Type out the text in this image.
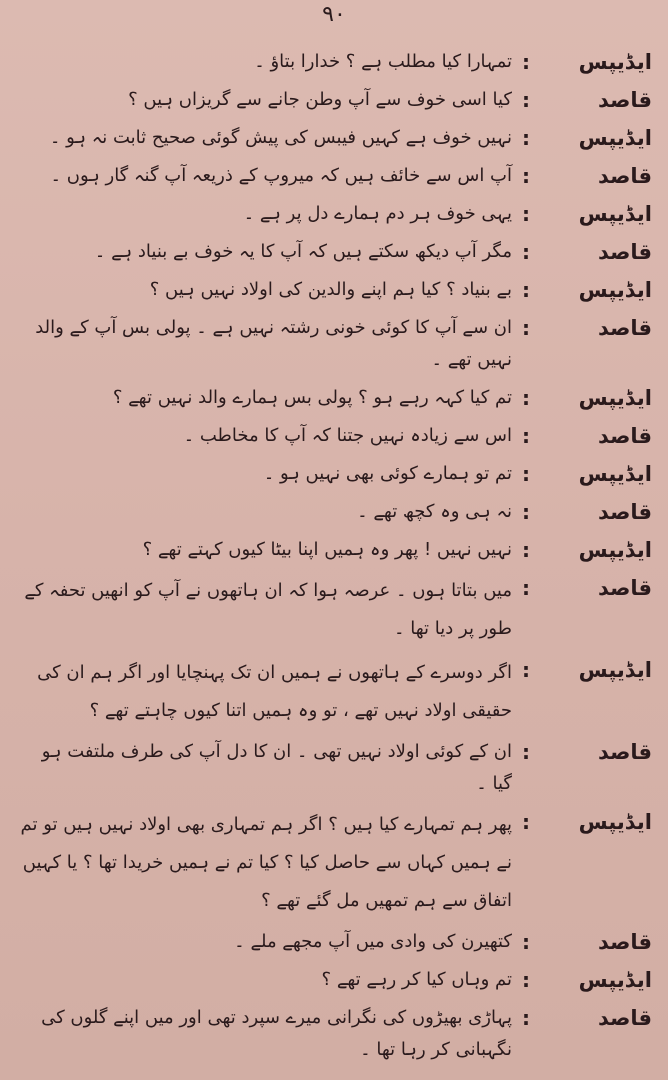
۹۰
ایڈیپس
:
تمہارا کیا مطلب ہے ؟ خدارا بتاؤ ۔
قاصد
:
کیا اسی خوف سے آپ وطن جانے سے گریزاں ہیں ؟
ایڈیپس
:
نہیں خوف ہے کہیں فیبس کی پیش گوئی صحیح ثابت نہ ہو ۔
قاصد
:
آپ اس سے خائف ہیں کہ میروپ کے ذریعہ آپ گنہ گار ہوں ۔
ایڈیپس
:
یہی خوف ہر دم ہمارے دل پر ہے ۔
قاصد
:
مگر آپ دیکھ سکتے ہیں کہ آپ کا یہ خوف بے بنیاد ہے ۔
ایڈیپس
:
بے بنیاد ؟ کیا ہم اپنے والدین کی اولاد نہیں ہیں ؟
قاصد
:
ان سے آپ کا کوئی خونی رشتہ نہیں ہے ۔ پولی بس آپ کے والد نہیں تھے ۔
ایڈیپس
:
تم کیا کہہ رہے ہو ؟ پولی بس ہمارے والد نہیں تھے ؟
قاصد
:
اس سے زیادہ نہیں جتنا کہ آپ کا مخاطب ۔
ایڈیپس
:
تم تو ہمارے کوئی بھی نہیں ہو ۔
قاصد
:
نہ ہی وہ کچھ تھے ۔
ایڈیپس
:
نہیں نہیں ! پھر وہ ہمیں اپنا بیٹا کیوں کہتے تھے ؟
قاصد
:
میں بتاتا ہوں ۔ عرصہ ہوا کہ ان ہاتھوں نے آپ کو انھیں تحفہ کے طور پر دیا تھا ۔
ایڈیپس
:
اگر دوسرے کے ہاتھوں نے ہمیں ان تک پہنچایا اور اگر ہم ان کی حقیقی اولاد نہیں تھے ، تو وہ ہمیں اتنا کیوں چاہتے تھے ؟
قاصد
:
ان کے کوئی اولاد نہیں تھی ۔ ان کا دل آپ کی طرف ملتفت ہو گیا ۔
ایڈیپس
:
پھر ہم تمہارے کیا ہیں ؟ اگر ہم تمہاری بھی اولاد نہیں ہیں تو تم نے ہمیں کہاں سے حاصل کیا ؟ کیا تم نے ہمیں خریدا تھا ؟ یا کہیں اتفاق سے ہم تمھیں مل گئے تھے ؟
قاصد
:
کتھیرن کی وادی میں آپ مجھے ملے ۔
ایڈیپس
:
تم وہاں کیا کر رہے تھے ؟
قاصد
:
پہاڑی بھیڑوں کی نگرانی میرے سپرد تھی اور میں اپنے گلوں کی نگہبانی کر رہا تھا ۔
